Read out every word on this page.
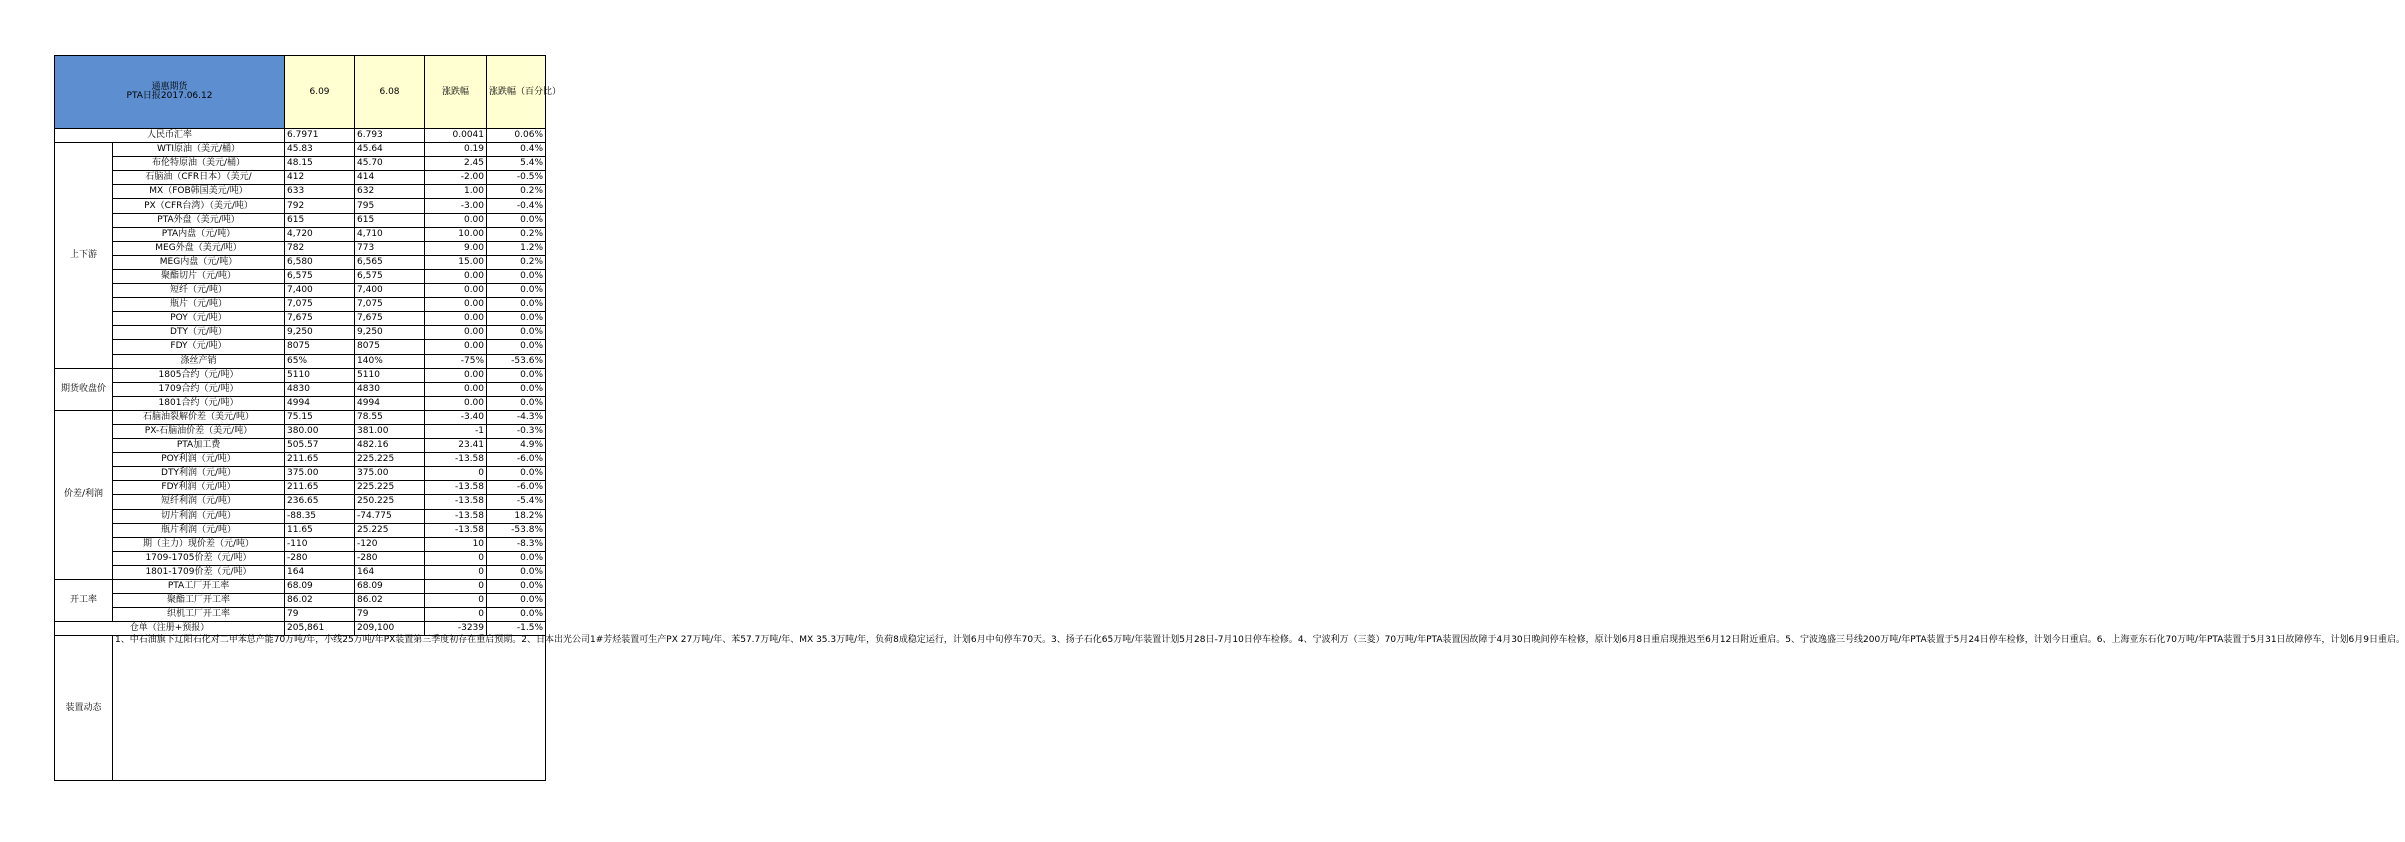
通惠期货
PTA日报2017.06.12		6.09	6.08	涨跌幅	涨跌幅（百分比）
人民币汇率		6.7971	6.793	0.0041	0.06%
上下游	WTI原油（美元/桶）	45.83	45.64	0.19	0.4%
	布伦特原油（美元/桶）	48.15	45.70	2.45	5.4%
	石脑油（CFR日本）（美元/	412	414	-2.00	-0.5%
	MX（FOB韩国美元/吨）	633	632	1.00	0.2%
	PX（CFR台湾）（美元/吨）	792	795	-3.00	-0.4%
	PTA外盘（美元/吨）	615	615	0.00	0.0%
	PTA内盘（元/吨）	4,720	4,710	10.00	0.2%
	MEG外盘（美元/吨）	782	773	9.00	1.2%
	MEG内盘（元/吨）	6,580	6,565	15.00	0.2%
	聚酯切片（元/吨）	6,575	6,575	0.00	0.0%
	短纤（元/吨）	7,400	7,400	0.00	0.0%
	瓶片（元/吨）	7,075	7,075	0.00	0.0%
	POY（元/吨）	7,675	7,675	0.00	0.0%
	DTY（元/吨）	9,250	9,250	0.00	0.0%
	FDY（元/吨）	8075	8075	0.00	0.0%
	涤丝产销	65%	140%	-75%	-53.6%
期货收盘价	1805合约（元/吨）	5110	5110	0.00	0.0%
	1709合约（元/吨）	4830	4830	0.00	0.0%
	1801合约（元/吨）	4994	4994	0.00	0.0%
价差/利润	石脑油裂解价差（美元/吨）	75.15	78.55	-3.40	-4.3%
	PX-石脑油价差（美元/吨）	380.00	381.00	-1	-0.3%
	PTA加工费	505.57	482.16	23.41	4.9%
	POY利润（元/吨）	211.65	225.225	-13.58	-6.0%
	DTY利润（元/吨）	375.00	375.00	0	0.0%
	FDY利润（元/吨）	211.65	225.225	-13.58	-6.0%
	短纤利润（元/吨）	236.65	250.225	-13.58	-5.4%
	切片利润（元/吨）	-88.35	-74.775	-13.58	18.2%
	瓶片利润（元/吨）	11.65	25.225	-13.58	-53.8%
	期（主力）现价差（元/吨）	-110	-120	10	-8.3%
	1709-1705价差（元/吨）	-280	-280	0	0.0%
	1801-1709价差（元/吨）	164	164	0	0.0%
开工率	PTA工厂开工率	68.09	68.09	0	0.0%
	聚酯工厂开工率	86.02	86.02	0	0.0%
	织机工厂开工率	79	79	0	0.0%
仓单（注册+预报）		205,861	209,100	-3239	-1.5%
装置动态	1、中石油旗下辽阳石化对二甲苯总产能70万吨/年，小线25万吨/年PX装置第三季度初存在重启预期。2、日本出光公司1#芳烃装置可生产PX 27万吨/年、苯57.7万吨/年、MX 35.3万吨/年，负荷8成稳定运行，计划6月中旬停车70天。3、扬子石化65万吨/年装置计划5月28日-7月10日停车检修。4、宁波利万（三菱）70万吨/年PTA装置因故障于4月30日晚间停车检修，原计划6月8日重启现推迟至6月12日附近重启。5、宁波逸盛三号线200万吨/年PTA装置于5月24日停车检修，计划今日重启。6、上海亚东石化70万吨/年PTA装置于5月31日故障停车，计划6月9日重启。				
